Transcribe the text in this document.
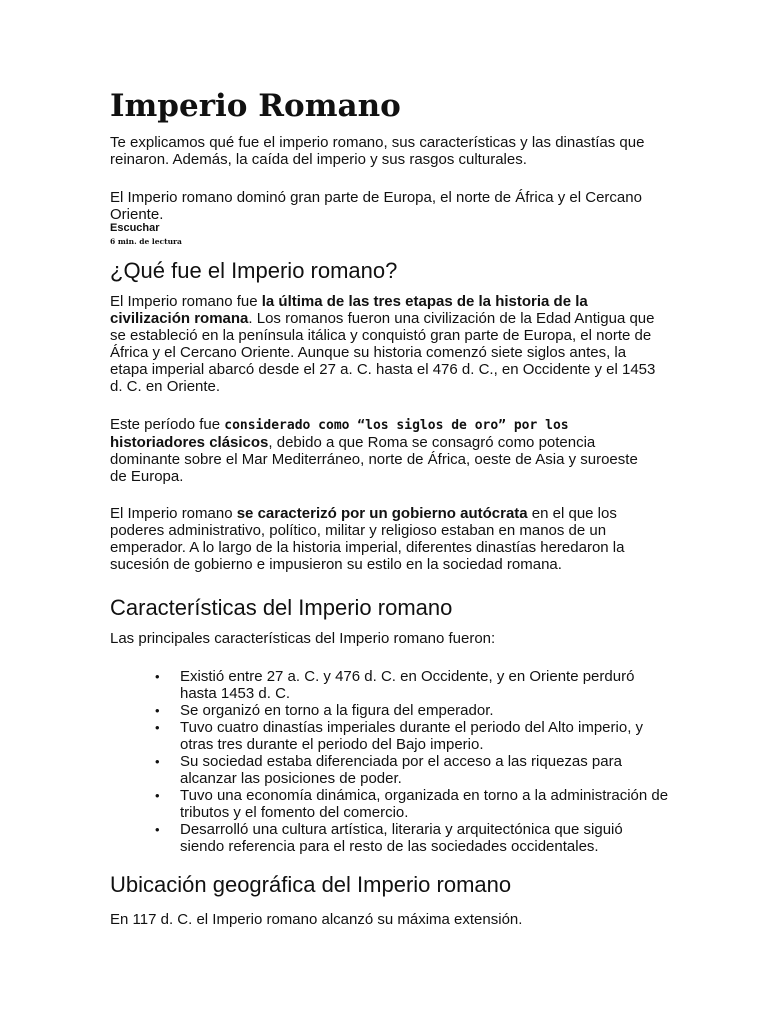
Imperio Romano

Te explicamos qué fue el imperio romano, sus características y las dinastías que reinaron. Además, la caída del imperio y sus rasgos culturales.

El Imperio romano dominó gran parte de Europa, el norte de África y el Cercano Oriente.

Escuchar
6 min. de lectura
¿Qué fue el Imperio romano?

El Imperio romano fue la última de las tres etapas de la historia de la civilización romana. Los romanos fueron una civilización de la Edad Antigua que se estableció en la península itálica y conquistó gran parte de Europa, el norte de África y el Cercano Oriente. Aunque su historia comenzó siete siglos antes, la etapa imperial abarcó desde el 27 a. C. hasta el 476 d. C., en Occidente y el 1453 d. C. en Oriente.

Este período fue considerado como “los siglos de oro” por los
historiadores clásicos, debido a que Roma se consagró como potencia dominante sobre el Mar Mediterráneo, norte de África, oeste de Asia y suroeste de Europa.

El Imperio romano se caracterizó por un gobierno autócrata en el que los poderes administrativo, político, militar y religioso estaban en manos de un emperador. A lo largo de la historia imperial, diferentes dinastías heredaron la sucesión de gobierno e impusieron su estilo en la sociedad romana.

Características del Imperio romano

Las principales características del Imperio romano fueron:

• Existió entre 27 a. C. y 476 d. C. en Occidente, y en Oriente perduró hasta 1453 d. C.
• Se organizó en torno a la figura del emperador.
• Tuvo cuatro dinastías imperiales durante el periodo del Alto imperio, y otras tres durante el periodo del Bajo imperio.
• Su sociedad estaba diferenciada por el acceso a las riquezas para alcanzar las posiciones de poder.
• Tuvo una economía dinámica, organizada en torno a la administración de tributos y el fomento del comercio.
• Desarrolló una cultura artística, literaria y arquitectónica que siguió siendo referencia para el resto de las sociedades occidentales.
Ubicación geográfica del Imperio romano

En 117 d. C. el Imperio romano alcanzó su máxima extensión.
